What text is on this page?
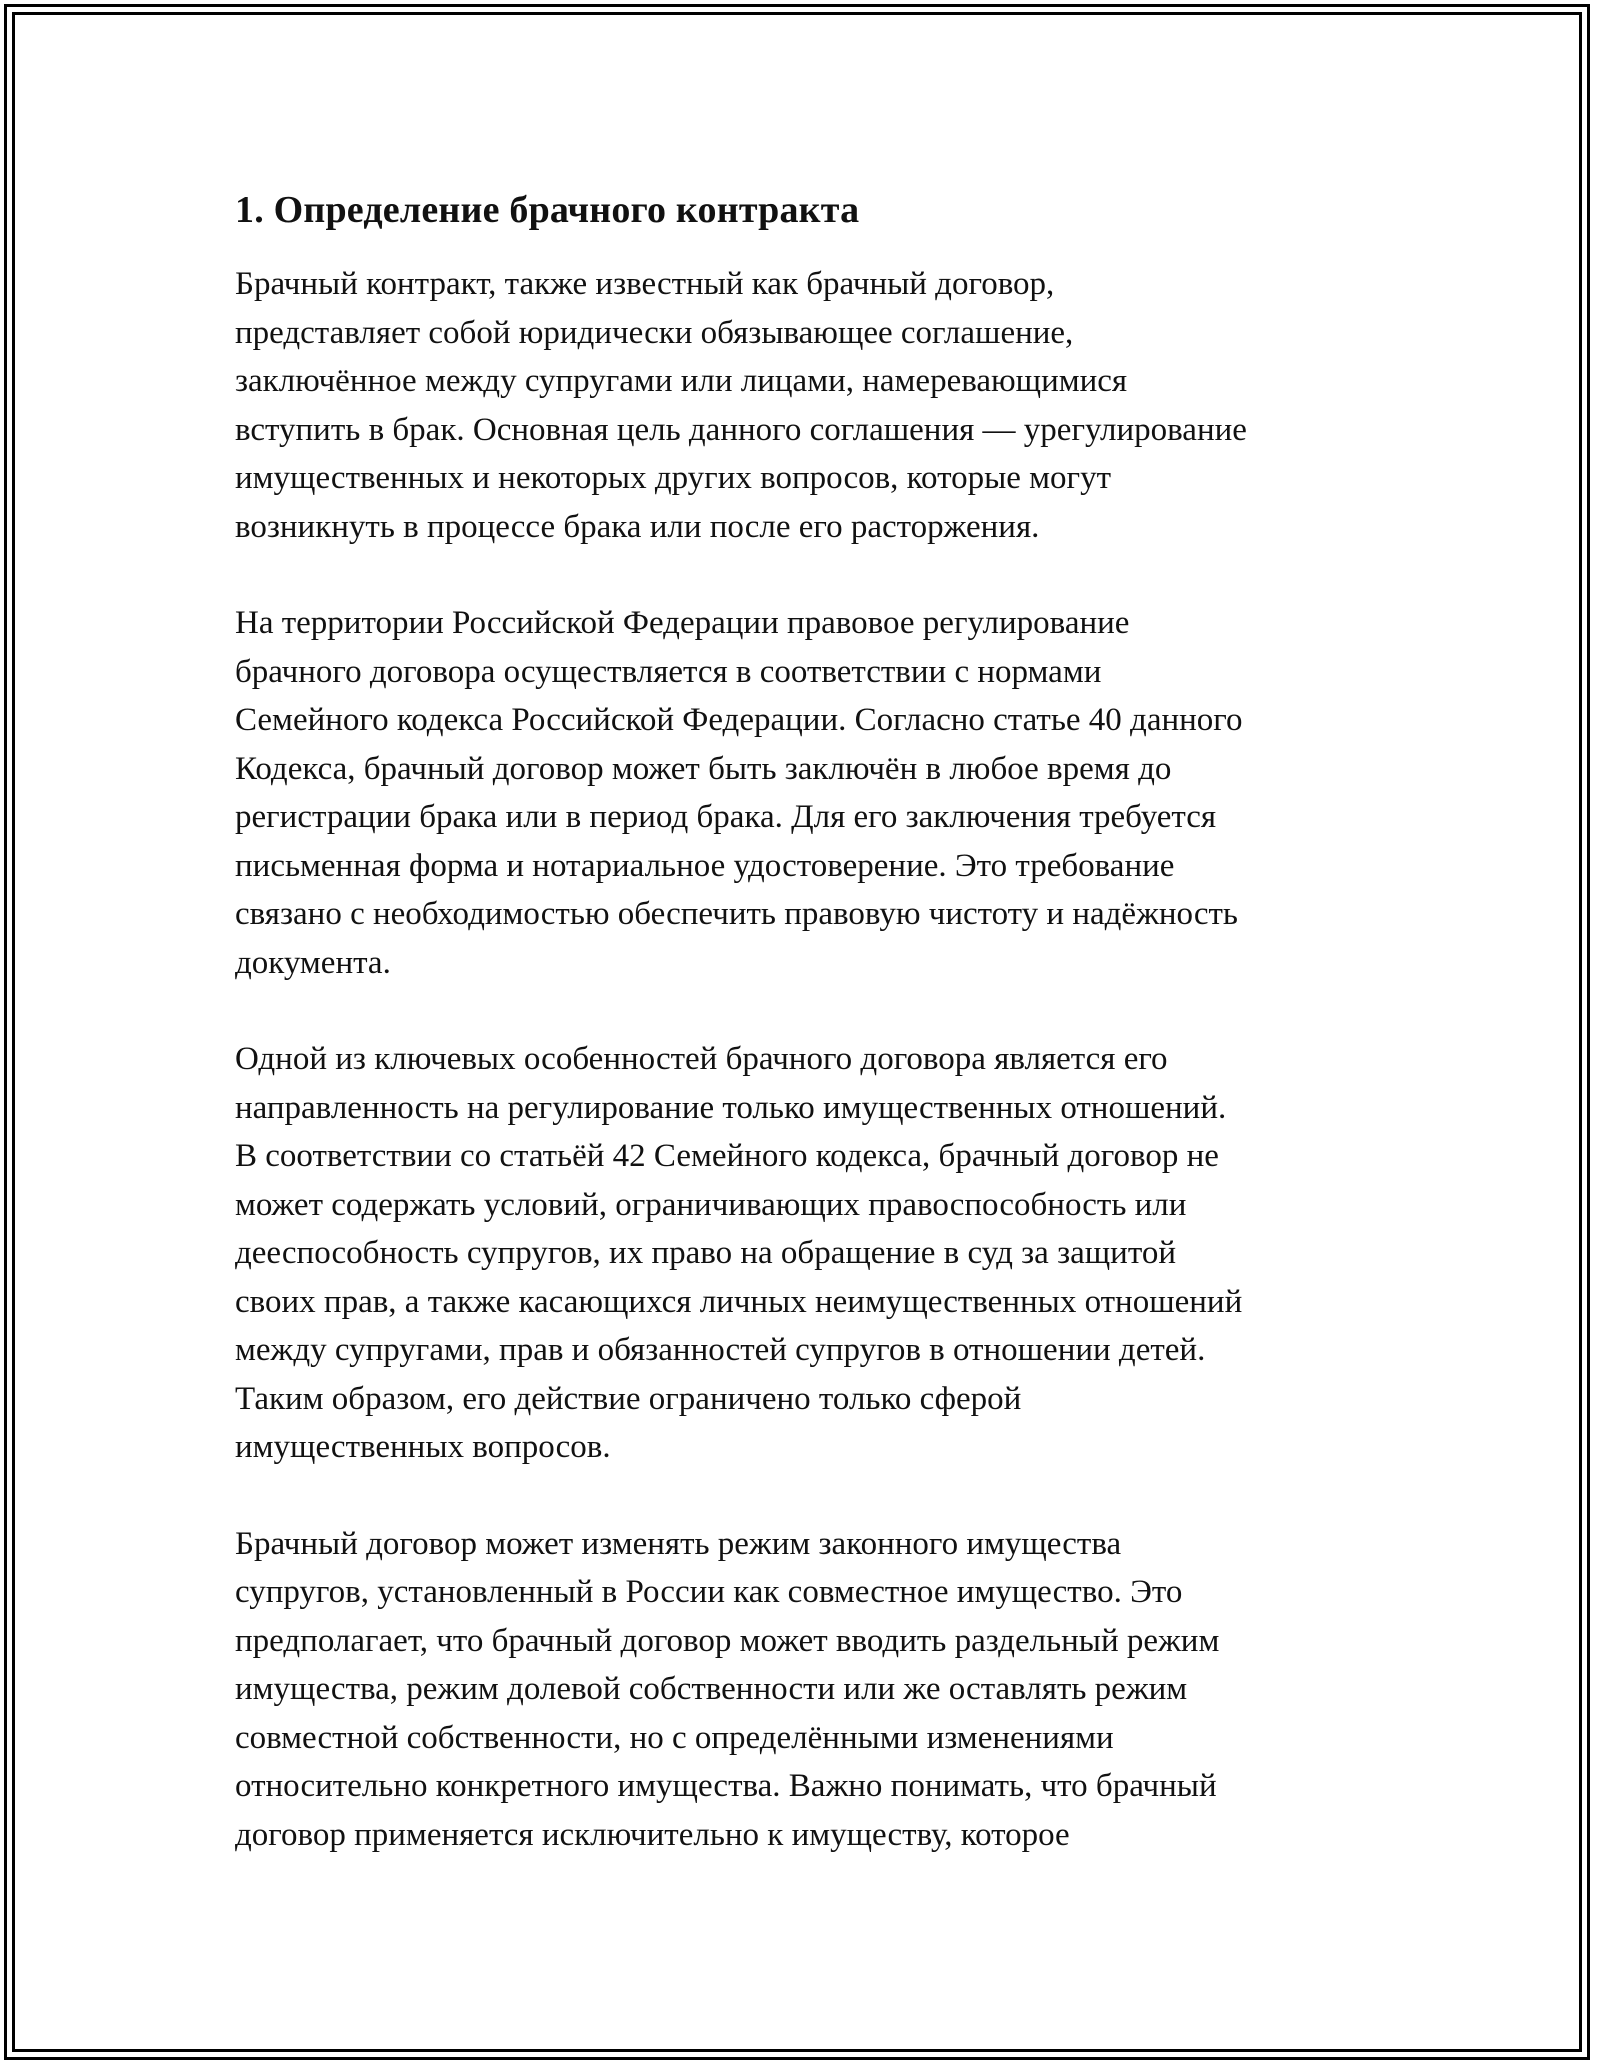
1. Определение брачного контракта

Брачный контракт, также известный как брачный договор,
представляет собой юридически обязывающее соглашение,
заключённое между супругами или лицами, намеревающимися
вступить в брак. Основная цель данного соглашения — урегулирование
имущественных и некоторых других вопросов, которые могут
возникнуть в процессе брака или после его расторжения.

На территории Российской Федерации правовое регулирование
брачного договора осуществляется в соответствии с нормами
Семейного кодекса Российской Федерации. Согласно статье 40 данного
Кодекса, брачный договор может быть заключён в любое время до
регистрации брака или в период брака. Для его заключения требуется
письменная форма и нотариальное удостоверение. Это требование
связано с необходимостью обеспечить правовую чистоту и надёжность
документа.

Одной из ключевых особенностей брачного договора является его
направленность на регулирование только имущественных отношений.
В соответствии со статьёй 42 Семейного кодекса, брачный договор не
может содержать условий, ограничивающих правоспособность или
дееспособность супругов, их право на обращение в суд за защитой
своих прав, а также касающихся личных неимущественных отношений
между супругами, прав и обязанностей супругов в отношении детей.
Таким образом, его действие ограничено только сферой
имущественных вопросов.

Брачный договор может изменять режим законного имущества
супругов, установленный в России как совместное имущество. Это
предполагает, что брачный договор может вводить раздельный режим
имущества, режим долевой собственности или же оставлять режим
совместной собственности, но с определёнными изменениями
относительно конкретного имущества. Важно понимать, что брачный
договор применяется исключительно к имуществу, которое
